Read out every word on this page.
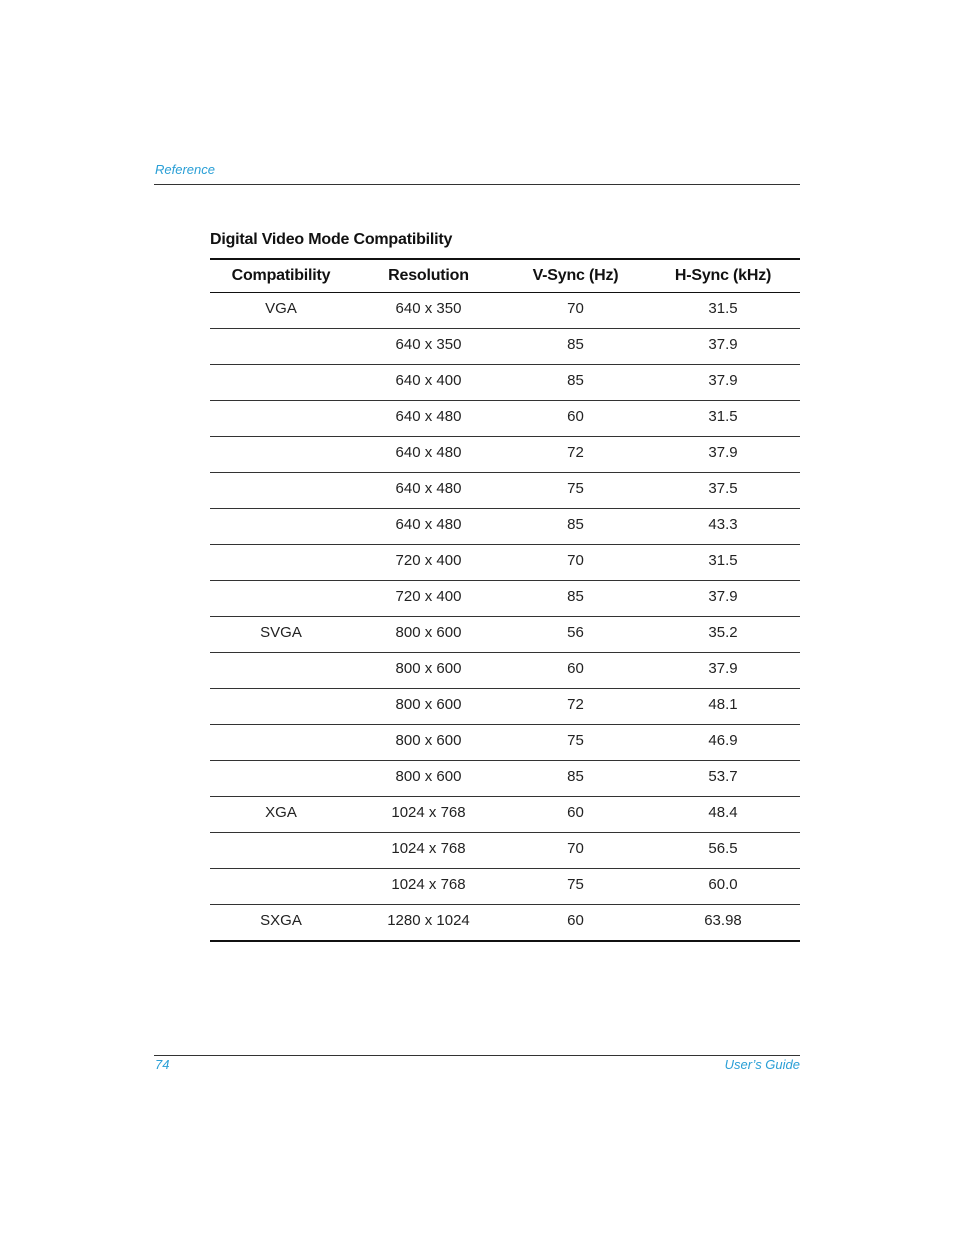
Reference
Digital Video Mode Compatibility
Compatibility	Resolution	V-Sync (Hz)	H-Sync (kHz)
VGA	640 x 350	70	31.5
	640 x 350	85	37.9
	640 x 400	85	37.9
	640 x 480	60	31.5
	640 x 480	72	37.9
	640 x 480	75	37.5
	640 x 480	85	43.3
	720 x 400	70	31.5
	720 x 400	85	37.9
SVGA	800 x 600	56	35.2
	800 x 600	60	37.9
	800 x 600	72	48.1
	800 x 600	75	46.9
	800 x 600	85	53.7
XGA	1024 x 768	60	48.4
	1024 x 768	70	56.5
	1024 x 768	75	60.0
SXGA	1280 x 1024	60	63.98
74	User’s Guide
